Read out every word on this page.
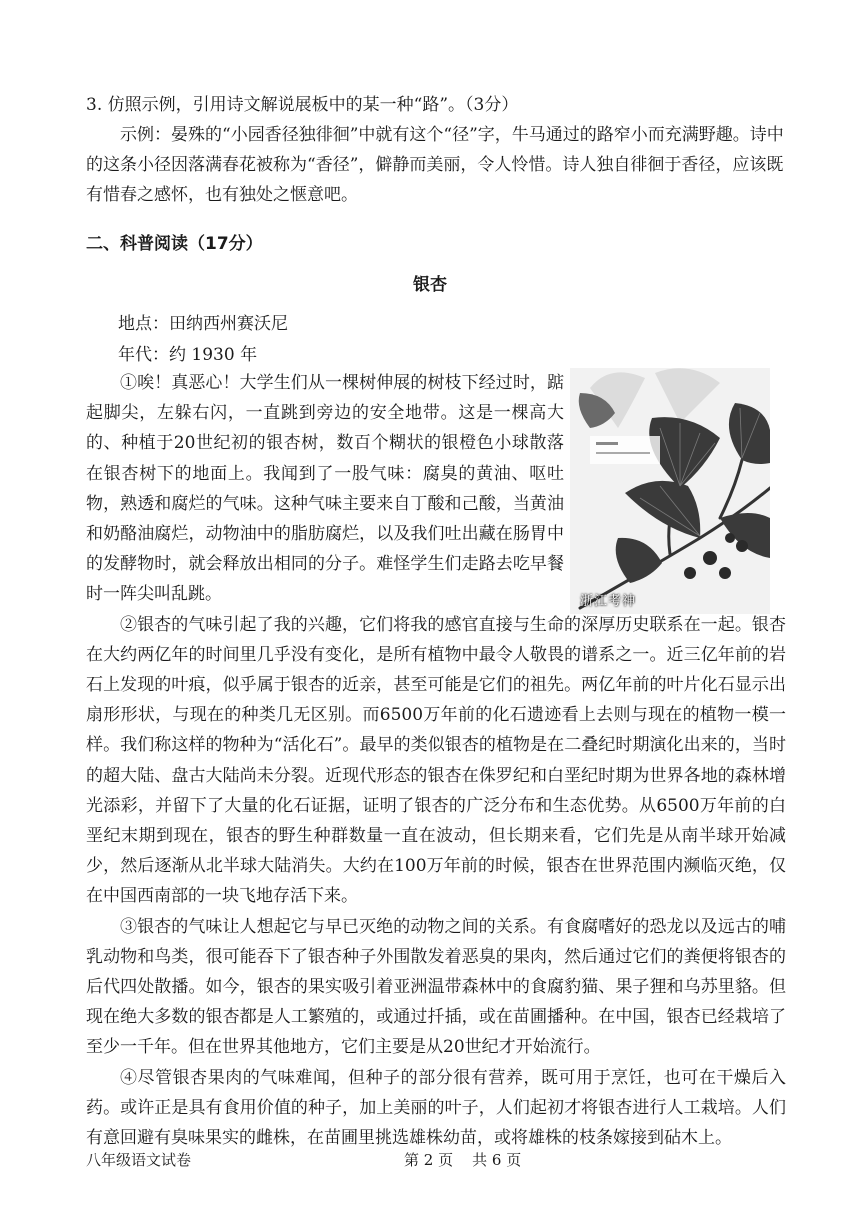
3. 仿照示例，引用诗文解说展板中的某一种“路”。（3分）

示例：晏殊的“小园香径独徘徊”中就有这个“径”字，牛马通过的路窄小而充满野趣。诗中的这条小径因落满春花被称为“香径”，僻静而美丽，令人怜惜。诗人独自徘徊于香径，应该既有惜春之感怀，也有独处之惬意吧。

二、科普阅读（17分）
银杏
地点：田纳西州赛沃尼
年代：约 1930 年
浙江考神

①唉！真恶心！大学生们从一棵树伸展的树枝下经过时，踮起脚尖，左躲右闪，一直跳到旁边的安全地带。这是一棵高大的、种植于20世纪初的银杏树，数百个糊状的银橙色小球散落在银杏树下的地面上。我闻到了一股气味：腐臭的黄油、呕吐物，熟透和腐烂的气味。这种气味主要来自丁酸和己酸，当黄油和奶酪油腐烂，动物油中的脂肪腐烂，以及我们吐出藏在肠胃中的发酵物时，就会释放出相同的分子。难怪学生们走路去吃早餐时一阵尖叫乱跳。

②银杏的气味引起了我的兴趣，它们将我的感官直接与生命的深厚历史联系在一起。银杏在大约两亿年的时间里几乎没有变化，是所有植物中最令人敬畏的谱系之一。近三亿年前的岩石上发现的叶痕，似乎属于银杏的近亲，甚至可能是它们的祖先。两亿年前的叶片化石显示出扇形形状，与现在的种类几无区别。而6500万年前的化石遗迹看上去则与现在的植物一模一样。我们称这样的物种为“活化石”。最早的类似银杏的植物是在二叠纪时期演化出来的，当时的超大陆、盘古大陆尚未分裂。近现代形态的银杏在侏罗纪和白垩纪时期为世界各地的森林增光添彩，并留下了大量的化石证据，证明了银杏的广泛分布和生态优势。从6500万年前的白垩纪末期到现在，银杏的野生种群数量一直在波动，但长期来看，它们先是从南半球开始减少，然后逐渐从北半球大陆消失。大约在100万年前的时候，银杏在世界范围内濒临灭绝，仅在中国西南部的一块飞地存活下来。

③银杏的气味让人想起它与早已灭绝的动物之间的关系。有食腐嗜好的恐龙以及远古的哺乳动物和鸟类，很可能吞下了银杏种子外围散发着恶臭的果肉，然后通过它们的粪便将银杏的后代四处散播。如今，银杏的果实吸引着亚洲温带森林中的食腐豹猫、果子狸和乌苏里貉。但现在绝大多数的银杏都是人工繁殖的，或通过扦插，或在苗圃播种。在中国，银杏已经栽培了至少一千年。但在世界其他地方，它们主要是从20世纪才开始流行。

④尽管银杏果肉的气味难闻，但种子的部分很有营养，既可用于烹饪，也可在干燥后入药。或许正是具有食用价值的种子，加上美丽的叶子，人们起初才将银杏进行人工栽培。人们有意回避有臭味果实的雌株，在苗圃里挑选雄株幼苗，或将雄株的枝条嫁接到砧木上。

八年级语文试卷	第 2 页    共 6 页
